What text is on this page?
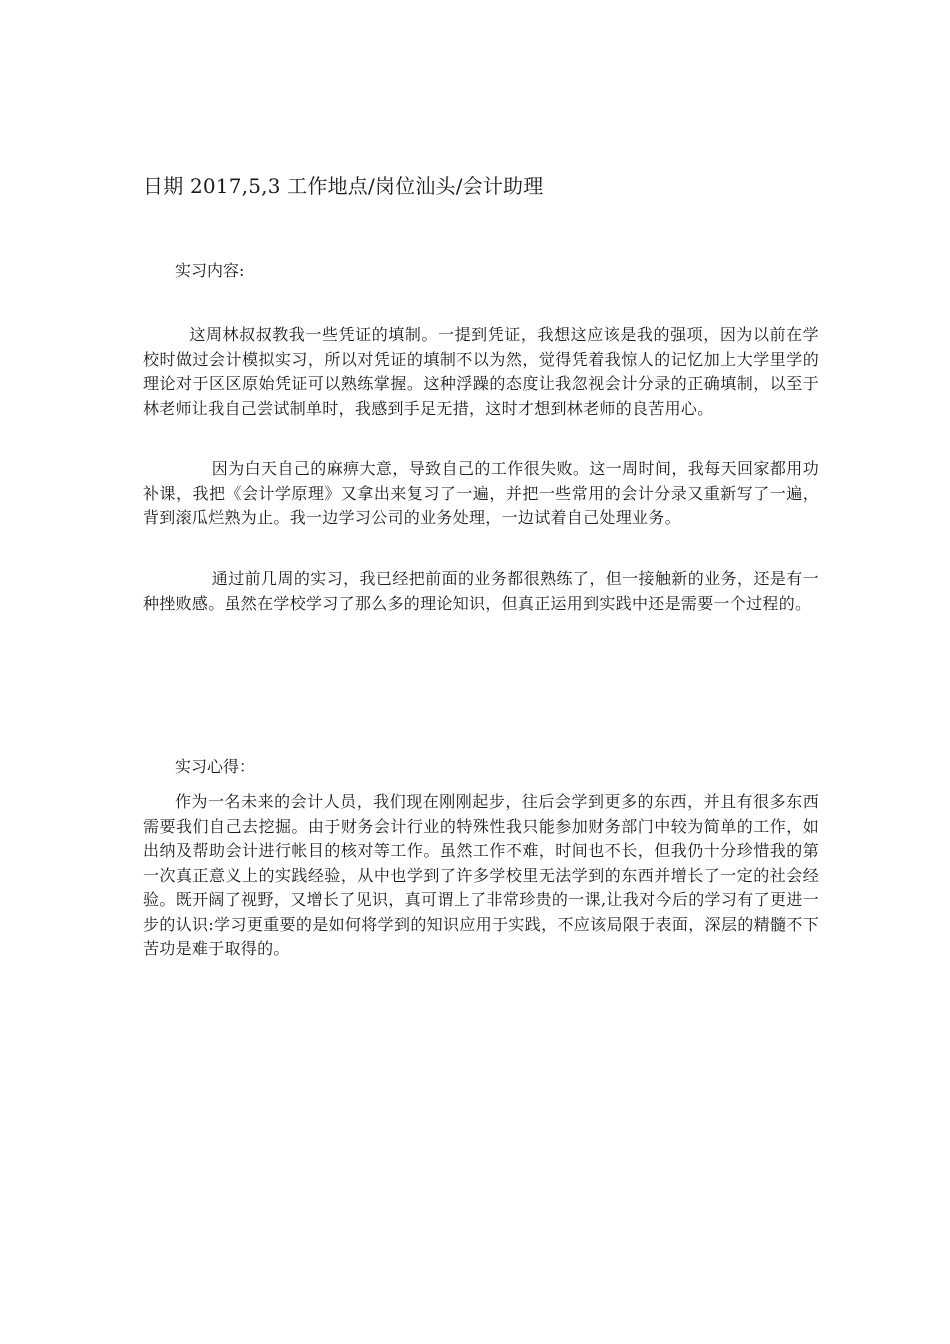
日期 2017,5,3 工作地点/岗位汕头/会计助理
实习内容:

这周林叔叔教我一些凭证的填制。一提到凭证，我想这应该是我的强项，因为以前在学校时做过会计模拟实习，所以对凭证的填制不以为然，觉得凭着我惊人的记忆加上大学里学的理论对于区区原始凭证可以熟练掌握。这种浮躁的态度让我忽视会计分录的正确填制，以至于林老师让我自己尝试制单时，我感到手足无措，这时才想到林老师的良苦用心。

因为白天自己的麻痹大意，导致自己的工作很失败。这一周时间，我每天回家都用功补课，我把《会计学原理》又拿出来复习了一遍，并把一些常用的会计分录又重新写了一遍，背到滚瓜烂熟为止。我一边学习公司的业务处理，一边试着自己处理业务。

通过前几周的实习，我已经把前面的业务都很熟练了，但一接触新的业务，还是有一种挫败感。虽然在学校学习了那么多的理论知识，但真正运用到实践中还是需要一个过程的。

实习心得：

作为一名未来的会计人员，我们现在刚刚起步，往后会学到更多的东西，并且有很多东西需要我们自己去挖掘。由于财务会计行业的特殊性我只能参加财务部门中较为简单的工作，如出纳及帮助会计进行帐目的核对等工作。虽然工作不难，时间也不长，但我仍十分珍惜我的第一次真正意义上的实践经验，从中也学到了许多学校里无法学到的东西并增长了一定的社会经验。既开阔了视野，又增长了见识，真可谓上了非常珍贵的一课,让我对今后的学习有了更进一步的认识:学习更重要的是如何将学到的知识应用于实践，不应该局限于表面，深层的精髓不下苦功是难于取得的。
